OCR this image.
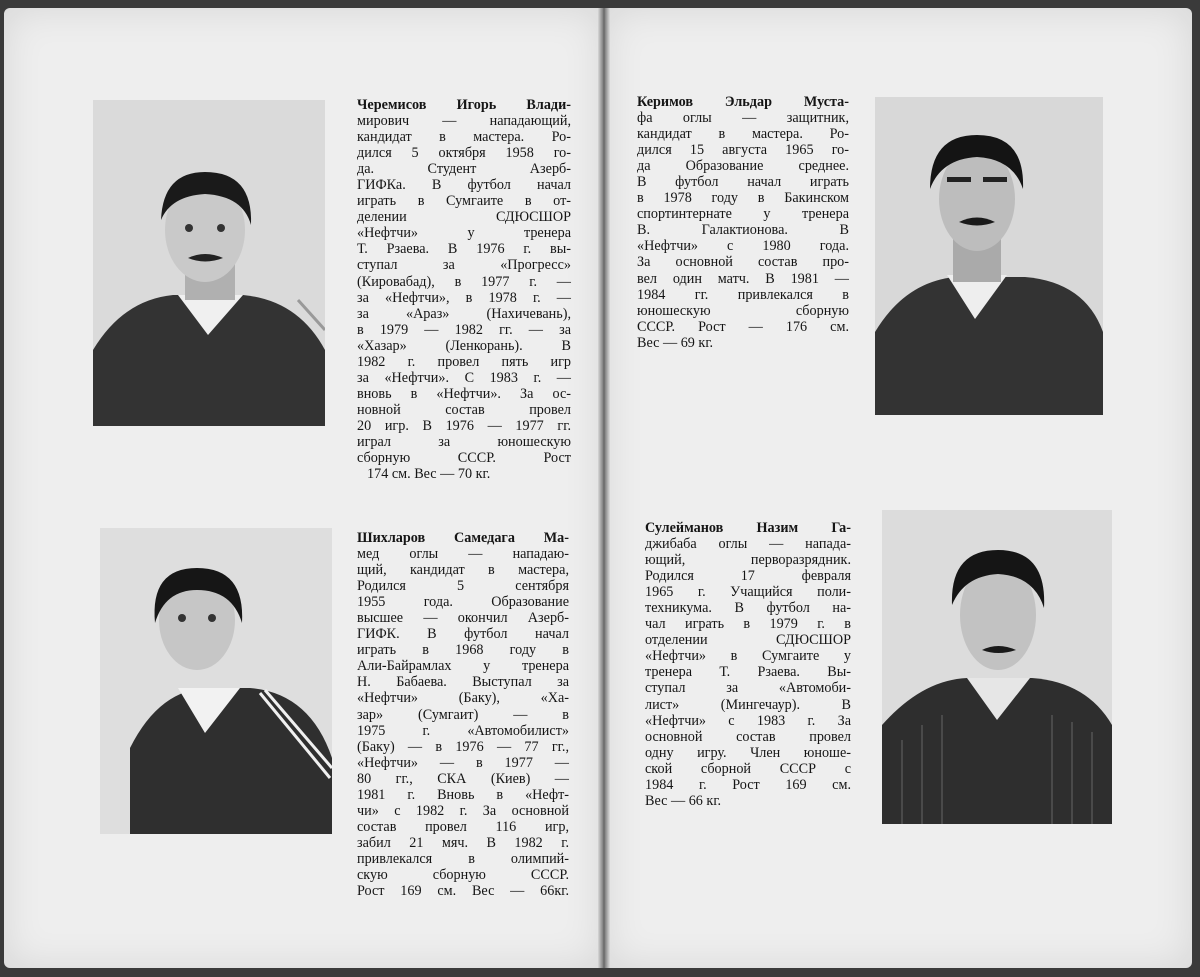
Черемисов Игорь Влади-
мирович — нападающий,
кандидат в мастера. Ро-
дился 5 октября 1958 го-
да. Студент Азерб-
ГИФКа. В футбол начал
играть в Сумгаите в от-
делении СДЮСШОР
«Нефтчи» у тренера
Т. Рзаева. В 1976 г. вы-
ступал за «Прогресс»
(Кировабад), в 1977 г. —
за «Нефтчи», в 1978 г. —
за «Араз» (Нахичевань),
в 1979 — 1982 гг. — за
«Хазар» (Ленкорань). В
1982 г. провел пять игр
за «Нефтчи». С 1983 г. —
вновь в «Нефтчи». За ос-
новной состав провел
20 игр. В 1976 — 1977 гг.
играл за юношескую
сборную СССР. Рост
174 см. Вес — 70 кг.
Шихларов Самедага Ма-
мед оглы — нападаю-
щий, кандидат в мастера,
Родился 5 сентября
1955 года. Образование
высшее — окончил Азерб-
ГИФК. В футбол начал
играть в 1968 году в
Али-Байрамлах у тренера
Н. Бабаева. Выступал за
«Нефтчи» (Баку), «Ха-
зар» (Сумгаит) — в
1975 г. «Автомобилист»
(Баку) — в 1976 — 77 гг.,
«Нефтчи» — в 1977 —
80 гг., СКА (Киев) —
1981 г. Вновь в «Нефт-
чи» с 1982 г. За основной
состав провел 116 игр,
забил 21 мяч. В 1982 г.
привлекался в олимпий-
скую сборную СССР.
Рост 169 см. Вес — 66кг.
Керимов Эльдар Муста-
фа оглы — защитник,
кандидат в мастера. Ро-
дился 15 августа 1965 го-
да Образование среднее.
В футбол начал играть
в 1978 году в Бакинском
спортинтернате у тренера
В. Галактионова. В
«Нефтчи» с 1980 года.
За основной состав про-
вел один матч. В 1981 —
1984 гг. привлекался в
юношескую сборную
СССР. Рост — 176 см.
Вес — 69 кг.
Сулейманов Назим Га-
джибаба оглы — напада-
ющий, перворазрядник.
Родился 17 февраля
1965 г. Учащийся поли-
техникума. В футбол на-
чал играть в 1979 г. в
отделении СДЮСШОР
«Нефтчи» в Сумгаите у
тренера Т. Рзаева. Вы-
ступал за «Автомоби-
лист» (Мингечаур). В
«Нефтчи» с 1983 г. За
основной состав провел
одну игру. Член юноше-
ской сборной СССР с
1984 г. Рост 169 см.
Вес — 66 кг.
